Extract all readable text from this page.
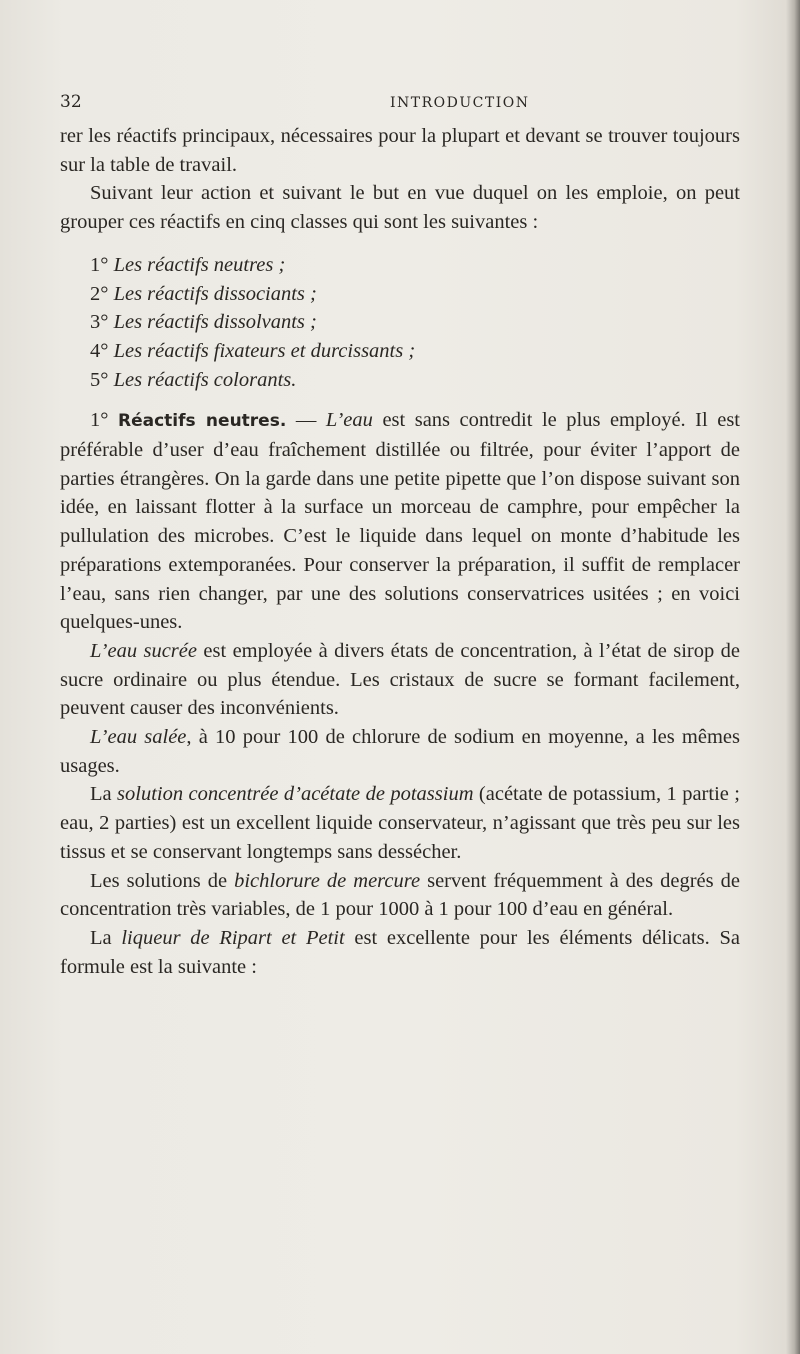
32	INTRODUCTION

rer les réactifs principaux, nécessaires pour la plupart et devant se trouver toujours sur la table de travail.

Suivant leur action et suivant le but en vue duquel on les emploie, on peut grouper ces réactifs en cinq classes qui sont les suivantes :

1° Les réactifs neutres ;
2° Les réactifs dissociants ;
3° Les réactifs dissolvants ;
4° Les réactifs fixateurs et durcissants ;
5° Les réactifs colorants.

1° Réactifs neutres. — L’eau est sans contredit le plus employé. Il est préférable d’user d’eau fraîchement distillée ou filtrée, pour éviter l’apport de parties étrangères. On la garde dans une petite pipette que l’on dispose suivant son idée, en laissant flotter à la surface un morceau de camphre, pour empêcher la pullulation des microbes. C’est le liquide dans lequel on monte d’habitude les préparations extemporanées. Pour conserver la préparation, il suffit de remplacer l’eau, sans rien changer, par une des solutions conservatrices usitées ; en voici quelques-unes.

L’eau sucrée est employée à divers états de concentration, à l’état de sirop de sucre ordinaire ou plus étendue. Les cristaux de sucre se formant facilement, peuvent causer des inconvénients.

L’eau salée, à 10 pour 100 de chlorure de sodium en moyenne, a les mêmes usages.

La solution concentrée d’acétate de potassium (acétate de potassium, 1 partie ; eau, 2 parties) est un excellent liquide conservateur, n’agissant que très peu sur les tissus et se conservant longtemps sans dessécher.

Les solutions de bichlorure de mercure servent fréquemment à des degrés de concentration très variables, de 1 pour 1000 à 1 pour 100 d’eau en général.

La liqueur de Ripart et Petit est excellente pour les éléments délicats. Sa formule est la suivante :
